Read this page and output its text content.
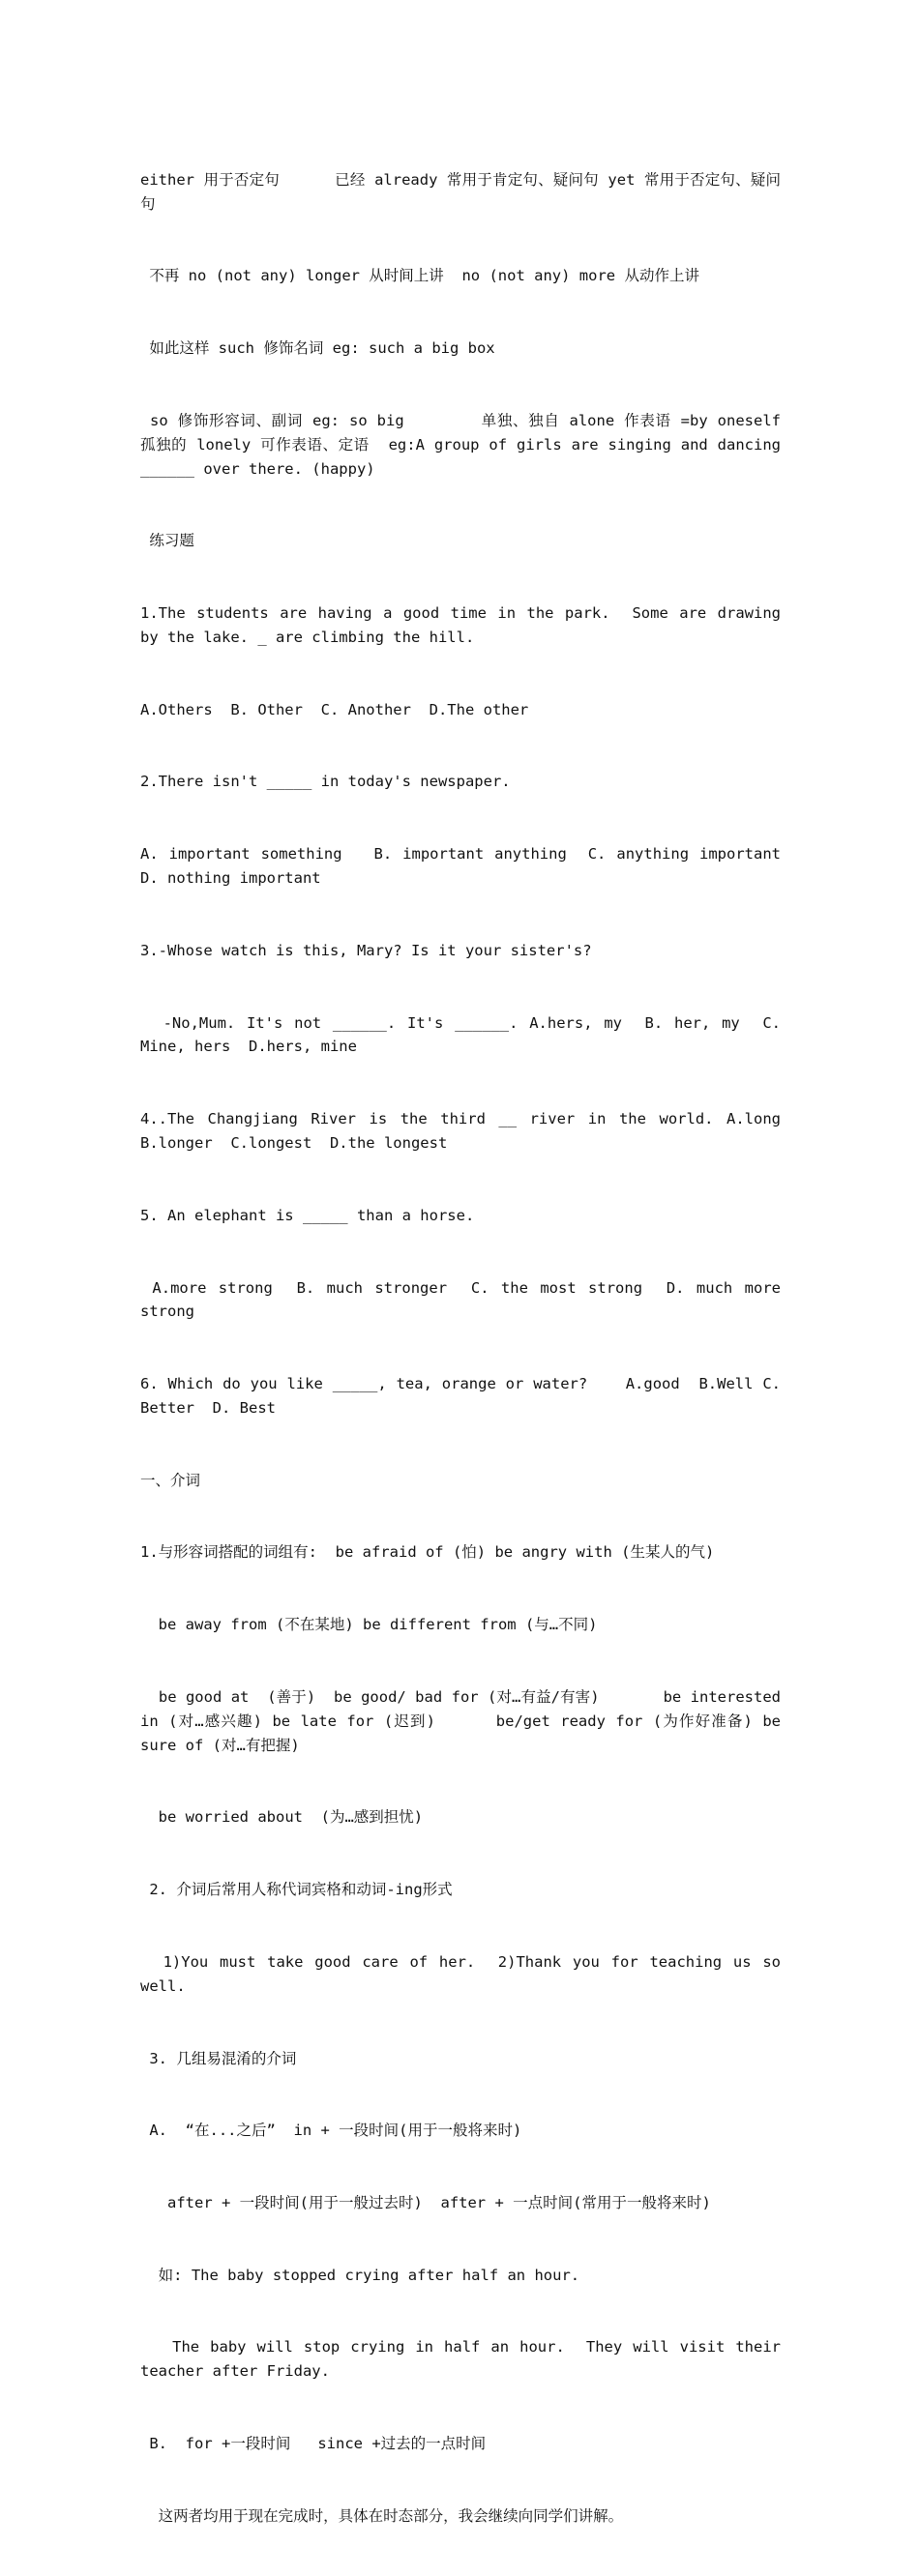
either 用于否定句      已经 already 常用于肯定句、疑问句 yet 常用于否定句、疑问句

不再 no (not any) longer 从时间上讲  no (not any) more 从动作上讲

如此这样 such 修饰名词 eg: such a big box

so 修饰形容词、副词 eg: so big        单独、独自 alone 作表语 =by oneself  孤独的 lonely 可作表语、定语  eg:A group of girls are singing and dancing ______ over there. (happy)

练习题

1.The students are having a good time in the park.  Some are drawing by the lake. _ are climbing the hill.

A.Others  B. Other  C. Another  D.The other

2.There isn't _____ in today's newspaper.

A. important something   B. important anything  C. anything important D. nothing important

3.-Whose watch is this, Mary? Is it your sister's?

-No,Mum. It's not ______. It's ______. A.hers, my  B. her, my  C. Mine, hers  D.hers, mine

4..The Changjiang River is the third __ river in the world. A.long B.longer  C.longest  D.the longest

5. An elephant is _____ than a horse.

A.more strong  B. much stronger  C. the most strong  D. much more strong

6. Which do you like _____, tea, orange or water?    A.good  B.Well C. Better  D. Best

一、介词

1.与形容词搭配的词组有:  be afraid of (怕) be angry with (生某人的气)

be away from (不在某地) be different from (与…不同)

be good at  (善于)  be good/ bad for (对…有益/有害)       be interested in (对…感兴趣) be late for (迟到)      be/get ready for (为作好准备) be sure of (对…有把握)

be worried about  (为…感到担忧)

2. 介词后常用人称代词宾格和动词-ing形式

1)You must take good care of her.  2)Thank you for teaching us so well.

3. 几组易混淆的介词

A.  “在...之后”  in + 一段时间(用于一般将来时)

after + 一段时间(用于一般过去时)  after + 一点时间(常用于一般将来时)

如: The baby stopped crying after half an hour.

The baby will stop crying in half an hour.  They will visit their teacher after Friday.

B.  for +一段时间   since +过去的一点时间

这两者均用于现在完成时，具体在时态部分，我会继续向同学们讲解。
